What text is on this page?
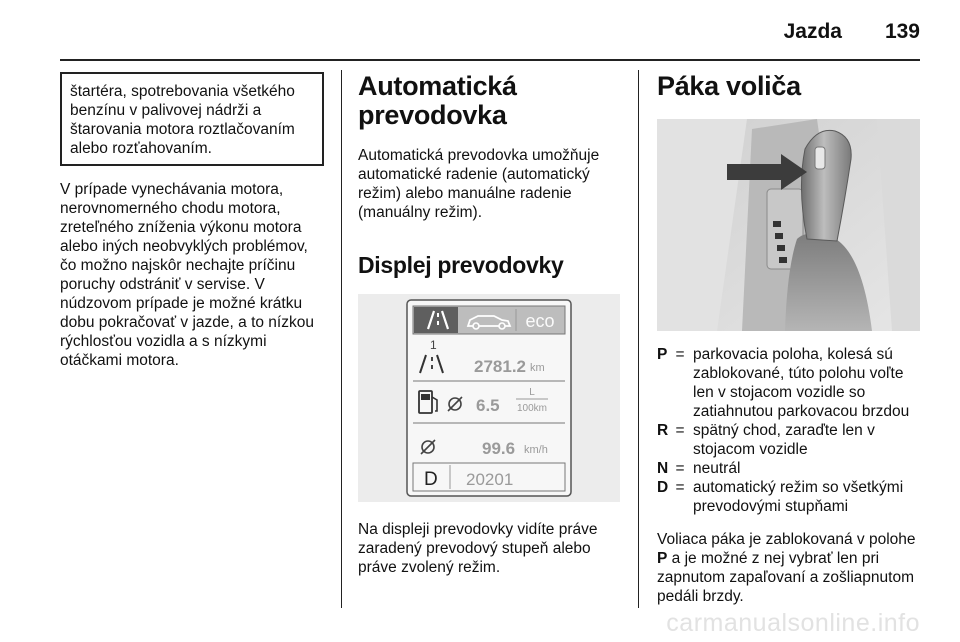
Jazda 139
štartéra, spotrebovania všetkého benzínu v palivovej nádrži a štarovania motora roztlačovaním alebo rozťahovaním.

V prípade vynechávania motora, nerovnomerného chodu motora, zreteľného zníženia výkonu motora alebo iných neobvyklých problémov, čo možno najskôr nechajte príčinu poruchy odstrániť v servise. V núdzovom prípade je možné krátku dobu pokračovať v jazde, a to nízkou rýchlosťou vozidla a s nízkymi otáčkami motora.

Automatická prevodovka

Automatická prevodovka umožňuje automatické radenie (automatický režim) alebo manuálne radenie (manuálny režim).

Displej prevodovky
eco
1
2781.2 km
6.5
L
100km
99.6 km/h
D 20201

Na displeji prevodovky vidíte práve zaradený prevodový stupeň alebo práve zvolený režim.

Páka voliča
P = parkovacia poloha, kolesá sú zablokované, túto polohu voľte len v stojacom vozidle so zatiahnutou parkovacou brzdou
R = spätný chod, zaraďte len v stojacom vozidle
N = neutrál
D = automatický režim so všetkými prevodovými stupňami

Voliaca páka je zablokovaná v polohe
P a je možné z nej vybrať len pri zapnutom zapaľovaní a zošliapnutom pedáli brzdy.

carmanualsonline.info
